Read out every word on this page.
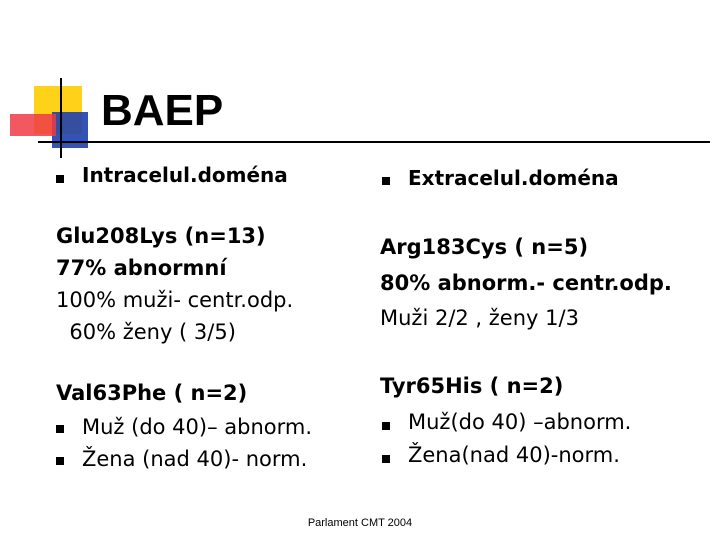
BAEP
Intracelul.doména
Glu208Lys (n=13)
77% abnormní
100% muži- centr.odp.
60% ženy ( 3/5)
Val63Phe ( n=2)
Muž (do 40)– abnorm.
Žena (nad 40)- norm.
Extracelul.doména
Arg183Cys ( n=5)
80% abnorm.- centr.odp.
Muži 2/2 , ženy 1/3
Tyr65His ( n=2)
Muž(do 40) –abnorm.
Žena(nad 40)-norm.
Parlament CMT 2004
